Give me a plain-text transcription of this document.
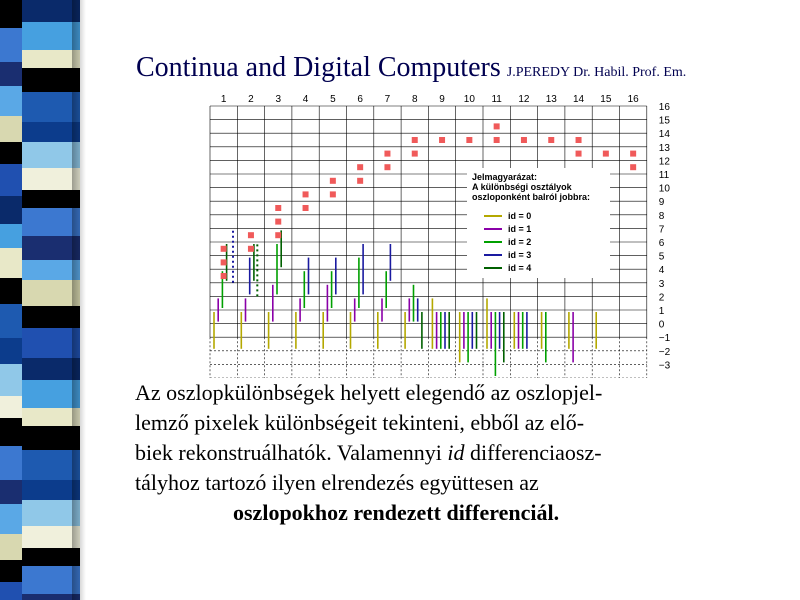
Continua and Digital Computers J.PEREDY Dr. Habil. Prof. Em.
1 2 3 4 5 6 7 8 9 10 11 12 13 14 15 16
16
15
14
13
12
11
10
9
8
7
6
5
4
3
2
1
0
−1
−2
−3
Jelmagyarázat:
A különbségi osztályok
oszloponként balról jobbra:
id = 0
id = 1
id = 2
id = 3
id = 4
Az oszlopkülönbségek helyett elegendő az oszlopjel-
lemző pixelek különbségeit tekinteni, ebből az elő-
biek rekonstruálhatók. Valamennyi id differenciaosz-
tályhoz tartozó ilyen elrendezés együttesen az
oszlopokhoz rendezett differenciál.
